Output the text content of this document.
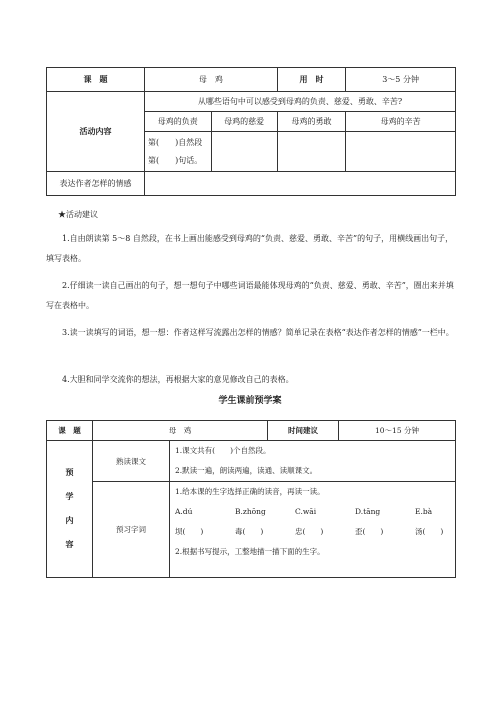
课　题	母　鸡		用　时	3～5 分钟
活动内容	从哪些语句中可以感受到母鸡的负责、慈爱、勇敢、辛苦?			
	母鸡的负责	母鸡的慈爱	母鸡的勇敢	母鸡的辛苦

	第(　　)自然段
第(　　)句话。			

表达作者怎样的情感				

★活动建议

1.自由朗读第 5～8 自然段，在书上画出能感受到母鸡的“负责、慈爱、勇敢、辛苦”的句子，用横线画出句子，填写表格。

2.仔细读一读自己画出的句子，想一想句子中哪些词语最能体现母鸡的“负责、慈爱、勇敢、辛苦”，圈出来并填写在表格中。

3.读一读填写的词语，想一想：作者这样写流露出怎样的情感？简单记录在表格“表达作者怎样的情感”一栏中。

4.大胆和同学交流你的想法，再根据大家的意见修改自己的表格。

学生课前预学案
课　题	母　鸡		时间建议	10～15 分钟

预
学
内
容	熟读课文	1.课文共有(　　)个自然段。
2.默读一遍，朗读两遍，读通、读顺课文。		

	预习字词	1.给本课的生字选择正确的读音，再读一读。
A.dú B.zhōng C.wāi D.tāng E.bà
坝(　　) 毒(　　) 忠(　　) 歪(　　) 汤(　　)
2.根据书写提示，工整地描一描下面的生字。		
